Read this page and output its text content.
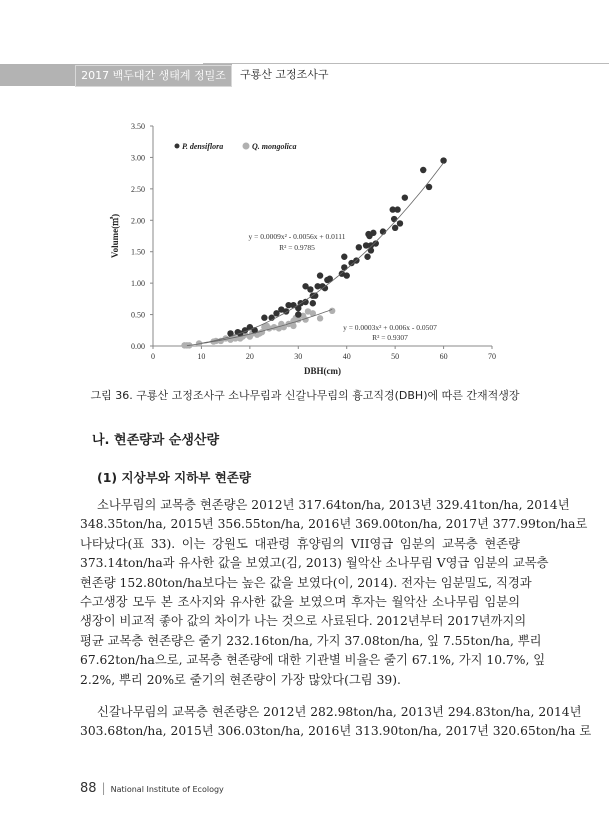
2017 백두대간 생태계 정밀조사
구룡산 고정조사구
0.00
0.50
1.00
1.50
2.00
2.50
3.00
3.50
0	10	20	30	40	50	60	70
DBH(cm)
Volume(㎥)	y = 0.0009x² - 0.0056x + 0.0111
R² = 0.9785
y = 0.0003x² + 0.006x - 0.0507
R² = 0.9307
P. densiflora	Q. mongolica
그림 36. 구룡산 고정조사구 소나무림과 신갈나무림의 흉고직경(DBH)에 따른 간재적생장
나. 현존량과 순생산량
(1) 지상부와 지하부 현존량
소나무림의 교목층 현존량은 2012년 317.64ton/ha, 2013년 329.41ton/ha, 2014년
348.35ton/ha, 2015년 356.55ton/ha, 2016년 369.00ton/ha, 2017년 377.99ton/ha로
나타났다(표 33). 이는 강원도 대관령 휴양림의 VII영급 임분의 교목층 현존량
373.14ton/ha과 유사한 값을 보였고(김, 2013) 월악산 소나무림 V영급 임분의 교목층
현존량 152.80ton/ha보다는 높은 값을 보였다(이, 2014). 전자는 임분밀도, 직경과
수고생장 모두 본 조사지와 유사한 값을 보였으며 후자는 월악산 소나무림 임분의
생장이 비교적 좋아 값의 차이가 나는 것으로 사료된다. 2012년부터 2017년까지의
평균 교목층 현존량은 줄기 232.16ton/ha, 가지 37.08ton/ha, 잎 7.55ton/ha, 뿌리
67.62ton/ha으로, 교목층 현존량에 대한 기관별 비율은 줄기 67.1%, 가지 10.7%, 잎
2.2%, 뿌리 20%로 줄기의 현존량이 가장 많았다(그림 39).
신갈나무림의 교목층 현존량은 2012년 282.98ton/ha, 2013년 294.83ton/ha, 2014년
303.68ton/ha, 2015년 306.03ton/ha, 2016년 313.90ton/ha, 2017년 320.65ton/ha 로
88 | National Institute of Ecology
